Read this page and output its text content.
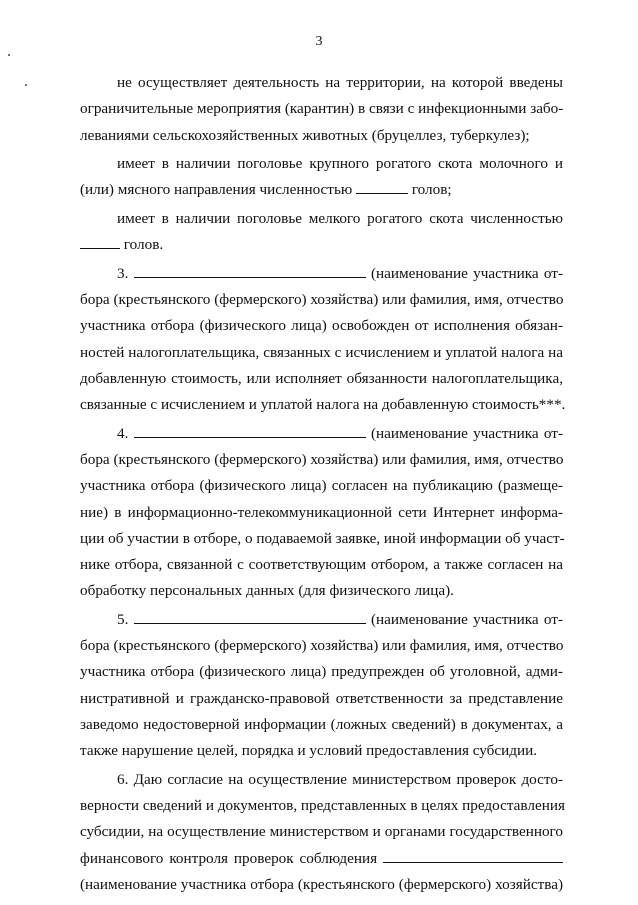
3
не осуществляет деятельность на территории, на которой введены
ограничительные мероприятия (карантин) в связи с инфекционными забо-
леваниями сельскохозяйственных животных (бруцеллез, туберкулез);
имеет в наличии поголовье крупного рогатого скота молочного и
(или) мясного направления численностью	голов;
имеет в наличии поголовье мелкого рогатого скота численностью
голов.
3.	(наименование участника от-
бора (крестьянского (фермерского) хозяйства) или фамилия, имя, отчество
участника отбора (физического лица) освобожден от исполнения обязан-
ностей налогоплательщика, связанных с исчислением и уплатой налога на
добавленную стоимость, или исполняет обязанности налогоплательщика,
связанные с исчислением и уплатой налога на добавленную стоимость***.
4.	(наименование участника от-
бора (крестьянского (фермерского) хозяйства) или фамилия, имя, отчество
участника отбора (физического лица) согласен на публикацию (размеще-
ние) в информационно-телекоммуникационной сети Интернет информа-
ции об участии в отборе, о подаваемой заявке, иной информации об участ-
нике отбора, связанной с соответствующим отбором, а также согласен на
обработку персональных данных (для физического лица).
5.	(наименование участника от-
бора (крестьянского (фермерского) хозяйства) или фамилия, имя, отчество
участника отбора (физического лица) предупрежден об уголовной, адми-
нистративной и гражданско-правовой ответственности за представление
заведомо недостоверной информации (ложных сведений) в документах, а
также нарушение целей, порядка и условий предоставления субсидии.
6. Даю согласие на осуществление министерством проверок досто-
верности сведений и документов, представленных в целях предоставления
субсидии, на осуществление министерством и органами государственного
финансового контроля проверок соблюдения
(наименование участника отбора (крестьянского (фермерского) хозяйства)
